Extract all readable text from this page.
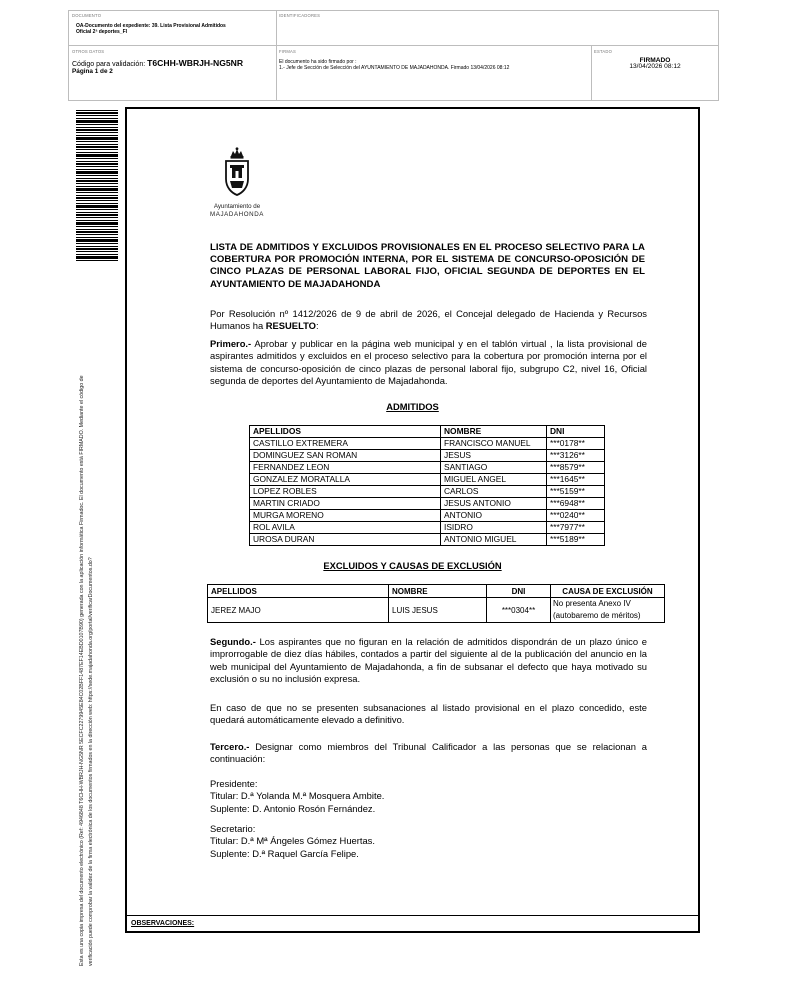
DOCUMENTO
OA-Documento del expediente: 39. Lista Provisional Admitidos Oficial 2ª deportes_FI
IDENTIFICADORES
OTROS DATOS
Código para validación: T6CHH-WBRJH-NG5NR
Página 1 de 2
FIRMAS
El documento ha sido firmado por :
1.- Jefe de Sección de Selección del AYUNTAMIENTO DE MAJADAHONDA. Firmado 13/04/2026 08:12
ESTADO
FIRMADO
13/04/2026 08:12
Esta es una copia impresa del documento electrónico (Ref: 4946848 T6CHH-WBRJH-NG5NR 5ECFC2279945E84C02BFF1487EF14EBD0107B90) generada con la aplicación informática Firmadoc. El documento está FIRMADO. Mediante el código de verificación puede comprobar la validez de la firma electrónica de los documentos firmados en la dirección web: https://sede.majadahonda.org/portal/verificarDocumentos.do?
Ayuntamiento de
MAJADAHONDA
LISTA DE ADMITIDOS Y EXCLUIDOS PROVISIONALES EN EL PROCESO SELECTIVO PARA LA COBERTURA POR PROMOCIÓN INTERNA, POR EL SISTEMA DE CONCURSO-OPOSICIÓN DE CINCO PLAZAS DE PERSONAL LABORAL FIJO, OFICIAL SEGUNDA DE DEPORTES EN EL AYUNTAMIENTO DE MAJADAHONDA
Por Resolución nº 1412/2026 de 9 de abril de 2026, el Concejal delegado de Hacienda y Recursos Humanos ha RESUELTO:
Primero.- Aprobar y publicar en la página web municipal y en el tablón virtual , la lista provisional de aspirantes admitidos y excluidos en el proceso selectivo para la cobertura por promoción interna por el sistema de concurso-oposición de cinco plazas de personal laboral fijo, subgrupo C2, nivel 16, Oficial segunda de deportes del Ayuntamiento de Majadahonda.
ADMITIDOS
APELLIDOS	NOMBRE	DNI
CASTILLO EXTREMERA	FRANCISCO MANUEL	***0178**
DOMINGUEZ SAN ROMAN	JESUS	***3126**
FERNANDEZ LEON	SANTIAGO	***8579**
GONZALEZ MORATALLA	MIGUEL ANGEL	***1645**
LOPEZ ROBLES	CARLOS	***5159**
MARTIN CRIADO	JESUS ANTONIO	***6948**
MURGA MORENO	ANTONIO	***0240**
ROL AVILA	ISIDRO	***7977**
UROSA DURAN	ANTONIO MIGUEL	***5189**
EXCLUIDOS Y CAUSAS DE EXCLUSIÓN
APELLIDOS	NOMBRE	DNI	CAUSA DE EXCLUSIÓN
JEREZ MAJO	LUIS JESUS	***0304**	No presenta Anexo IV
(autobaremo de méritos)
Segundo.- Los aspirantes que no figuran en la relación de admitidos dispondrán de un plazo único e improrrogable de diez días hábiles, contados a partir del siguiente al de la publicación del anuncio en la web municipal del Ayuntamiento de Majadahonda, a fin de subsanar el defecto que haya motivado su exclusión o su no inclusión expresa.
En caso de que no se presenten subsanaciones al listado provisional en el plazo concedido, este quedará automáticamente elevado a definitivo.
Tercero.- Designar como miembros del Tribunal Calificador a las personas que se relacionan a continuación:
Presidente:
Titular: D.ª Yolanda M.ª Mosquera Ambite.
Suplente: D. Antonio Rosón Fernández.
Secretario:
Titular: D.ª Mª Ángeles Gómez Huertas.
Suplente: D.ª Raquel García Felipe.
OBSERVACIONES:
